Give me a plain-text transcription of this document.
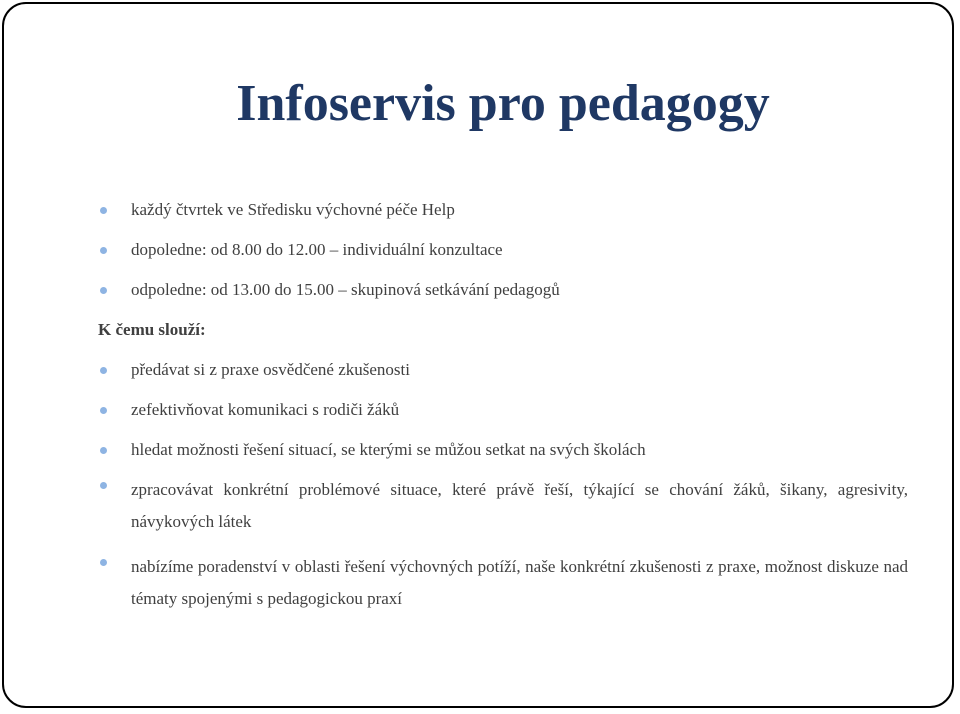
Infoservis pro pedagogy
každý čtvrtek ve Středisku výchovné péče Help
dopoledne: od 8.00 do 12.00 – individuální konzultace
odpoledne: od 13.00 do 15.00 – skupinová setkávání pedagogů

K čemu slouží:

předávat si z praxe osvědčené zkušenosti
zefektivňovat komunikaci s rodiči žáků
hledat možnosti řešení situací, se kterými se můžou setkat na svých školách
zpracovávat konkrétní problémové situace, které právě řeší, týkající se chování žáků, šikany, agresivity, návykových látek
nabízíme poradenství v oblasti řešení výchovných potíží, naše konkrétní zkušenosti z praxe, možnost diskuze nad tématy spojenými s pedagogickou praxí
